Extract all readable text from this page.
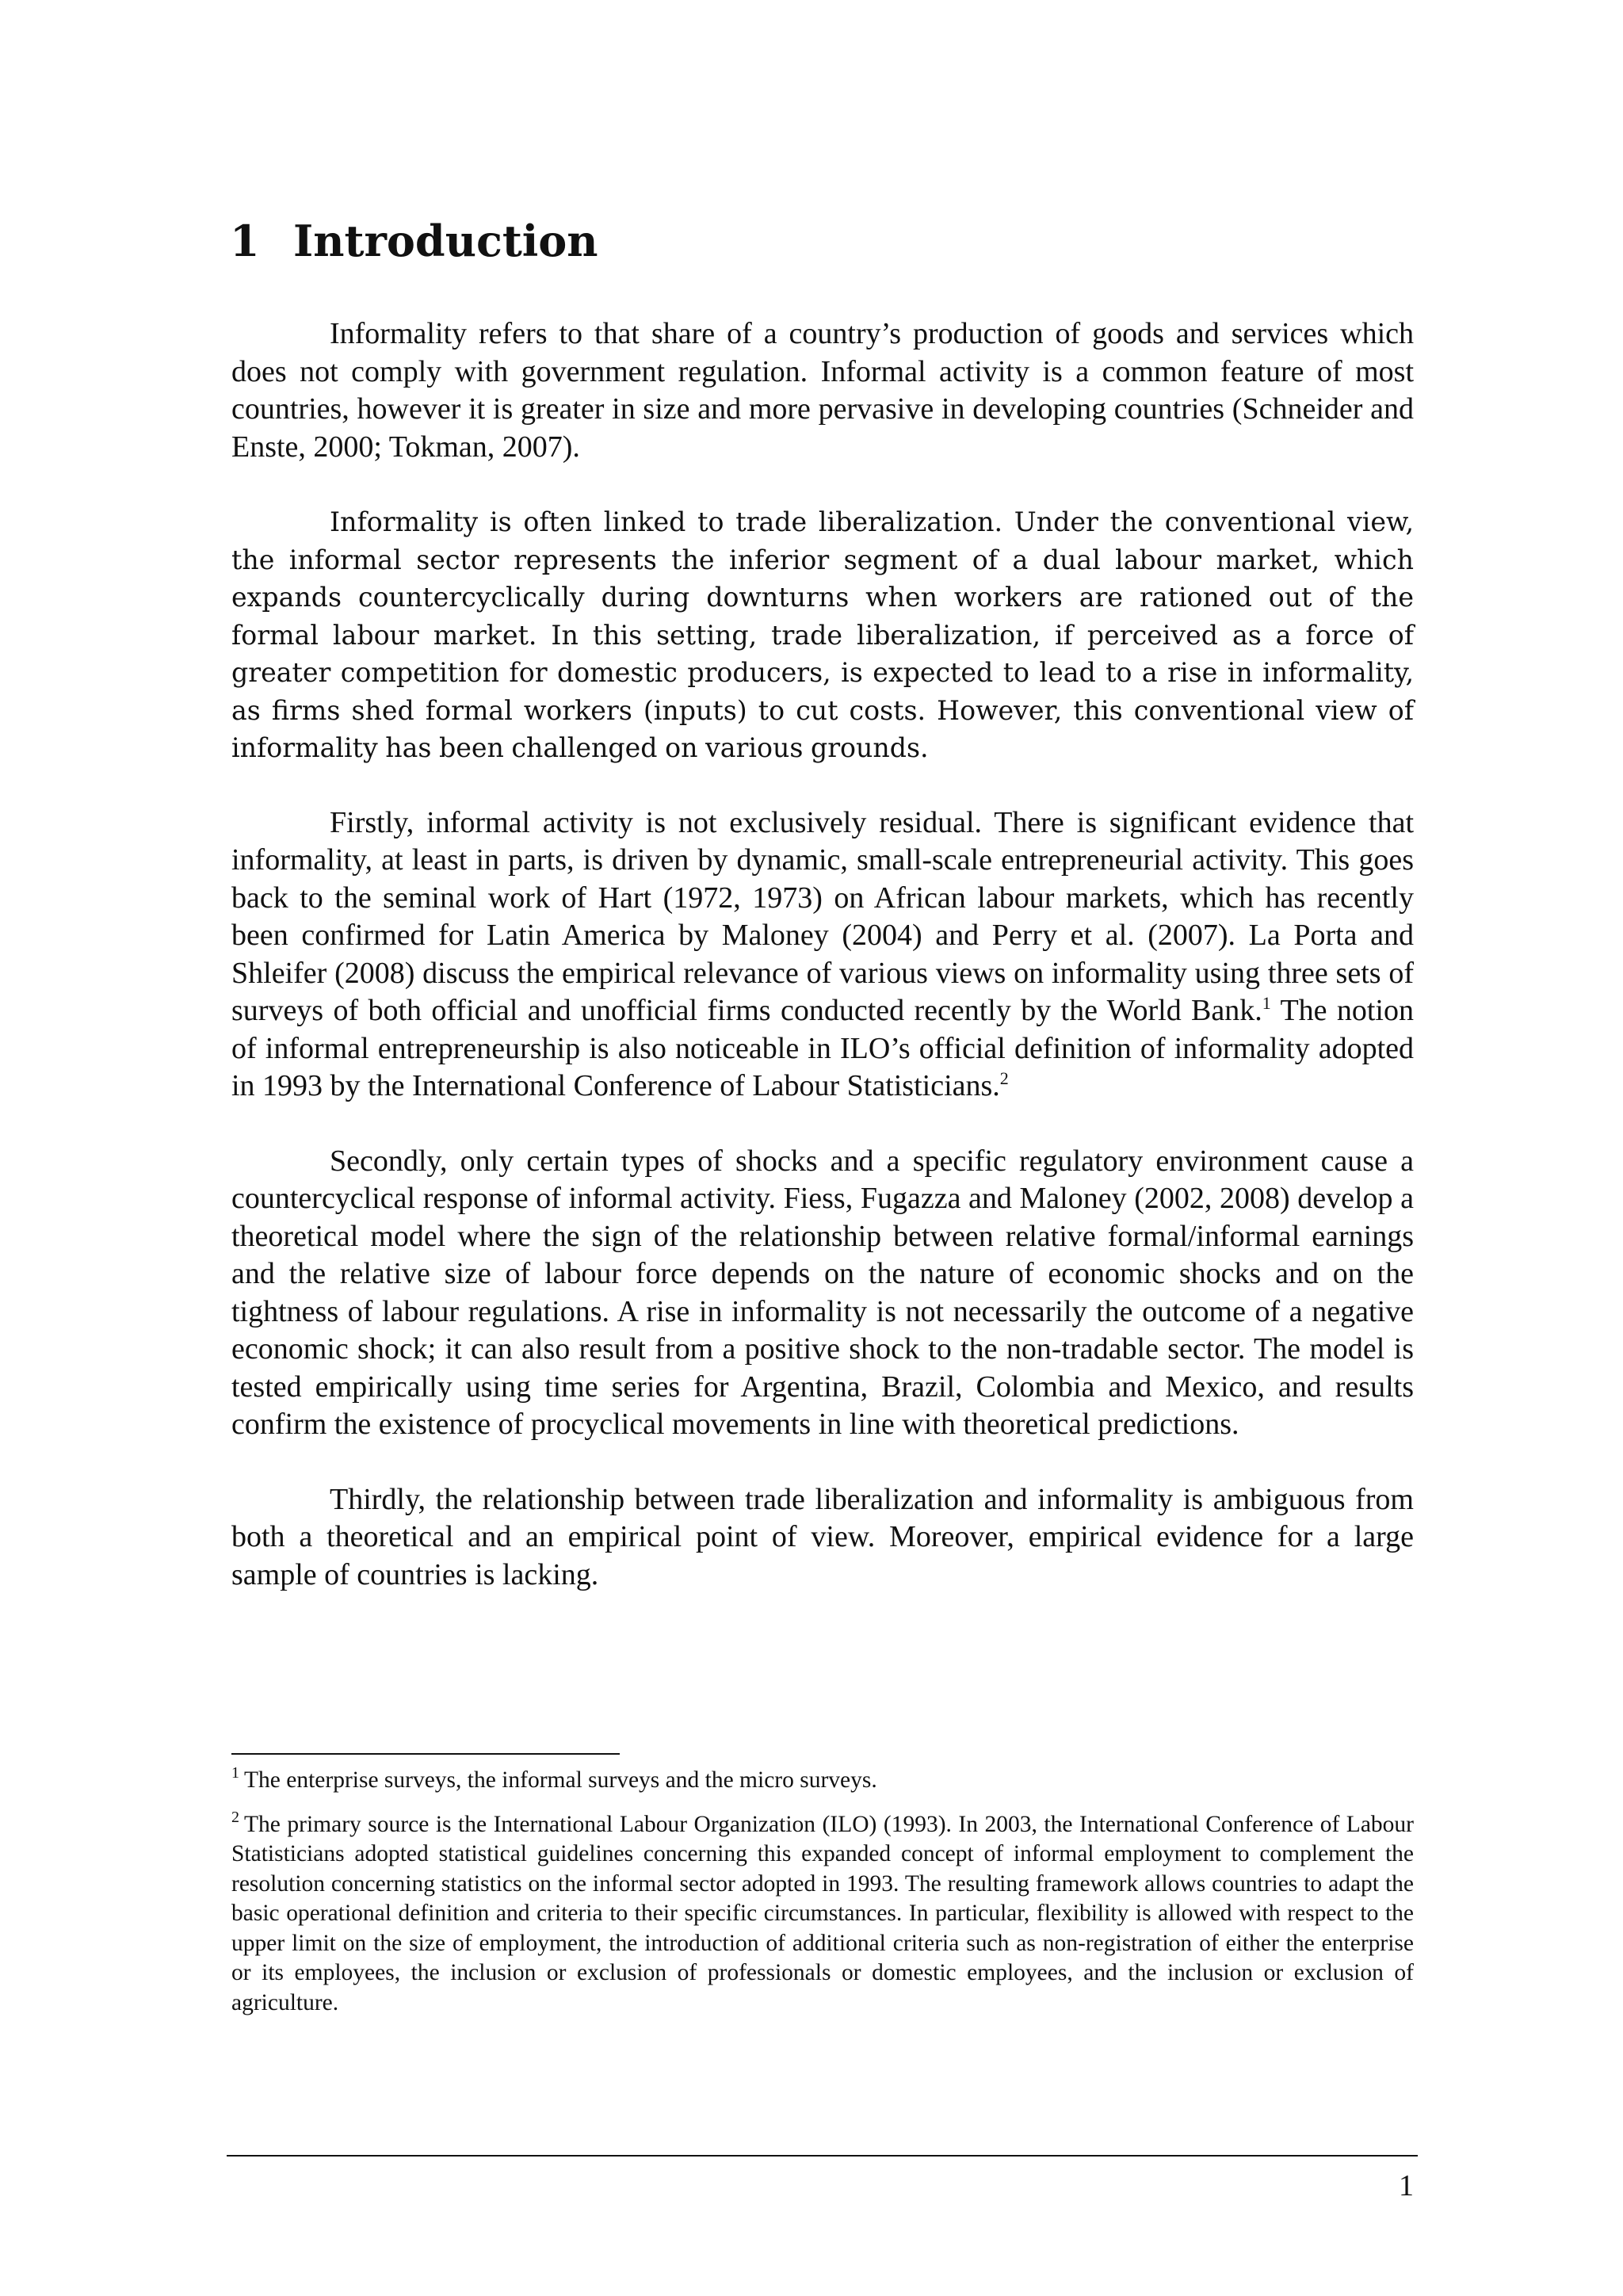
1 Introduction

Informality refers to that share of a country’s production of goods and services which does not comply with government regulation. Informal activity is a common feature of most countries, however it is greater in size and more pervasive in developing countries (Schneider and Enste, 2000; Tokman, 2007).

Informality is often linked to trade liberalization. Under the conventional view, the informal sector represents the inferior segment of a dual labour market, which expands countercyclically during downturns when workers are rationed out of the formal labour market. In this setting, trade liberalization, if perceived as a force of greater competition for domestic producers, is expected to lead to a rise in informality, as firms shed formal workers (inputs) to cut costs. However, this conventional view of informality has been challenged on various grounds.

Firstly, informal activity is not exclusively residual. There is significant evidence that informality, at least in parts, is driven by dynamic, small-scale entrepreneurial activity. This goes back to the seminal work of Hart (1972, 1973) on African labour markets, which has recently been confirmed for Latin America by Maloney (2004) and Perry et al. (2007). La Porta and Shleifer (2008) discuss the empirical relevance of various views on informality using three sets of surveys of both official and unofficial firms conducted recently by the World Bank.$^1$ The notion of informal entrepreneurship is also noticeable in ILO’s official definition of informality adopted in 1993 by the International Conference of Labour Statisticians.$^2$

Secondly, only certain types of shocks and a specific regulatory environment cause a countercyclical response of informal activity. Fiess, Fugazza and Maloney (2002, 2008) develop a theoretical model where the sign of the relationship between relative formal/informal earnings and the relative size of labour force depends on the nature of economic shocks and on the tightness of labour regulations. A rise in informality is not necessarily the outcome of a negative economic shock; it can also result from a positive shock to the non-tradable sector. The model is tested empirically using time series for Argentina, Brazil, Colombia and Mexico, and results confirm the existence of procyclical movements in line with theoretical predictions.

Thirdly, the relationship between trade liberalization and informality is ambiguous from both a theoretical and an empirical point of view. Moreover, empirical evidence for a large sample of countries is lacking.

$^1$ The enterprise surveys, the informal surveys and the micro surveys.

$^2$ The primary source is the International Labour Organization (ILO) (1993). In 2003, the International Conference of Labour Statisticians adopted statistical guidelines concerning this expanded concept of informal employment to complement the resolution concerning statistics on the informal sector adopted in 1993. The resulting framework allows countries to adapt the basic operational definition and criteria to their specific circumstances. In particular, flexibility is allowed with respect to the upper limit on the size of employment, the introduction of additional criteria such as non-registration of either the enterprise or its employees, the inclusion or exclusion of professionals or domestic employees, and the inclusion or exclusion of agriculture.

1
